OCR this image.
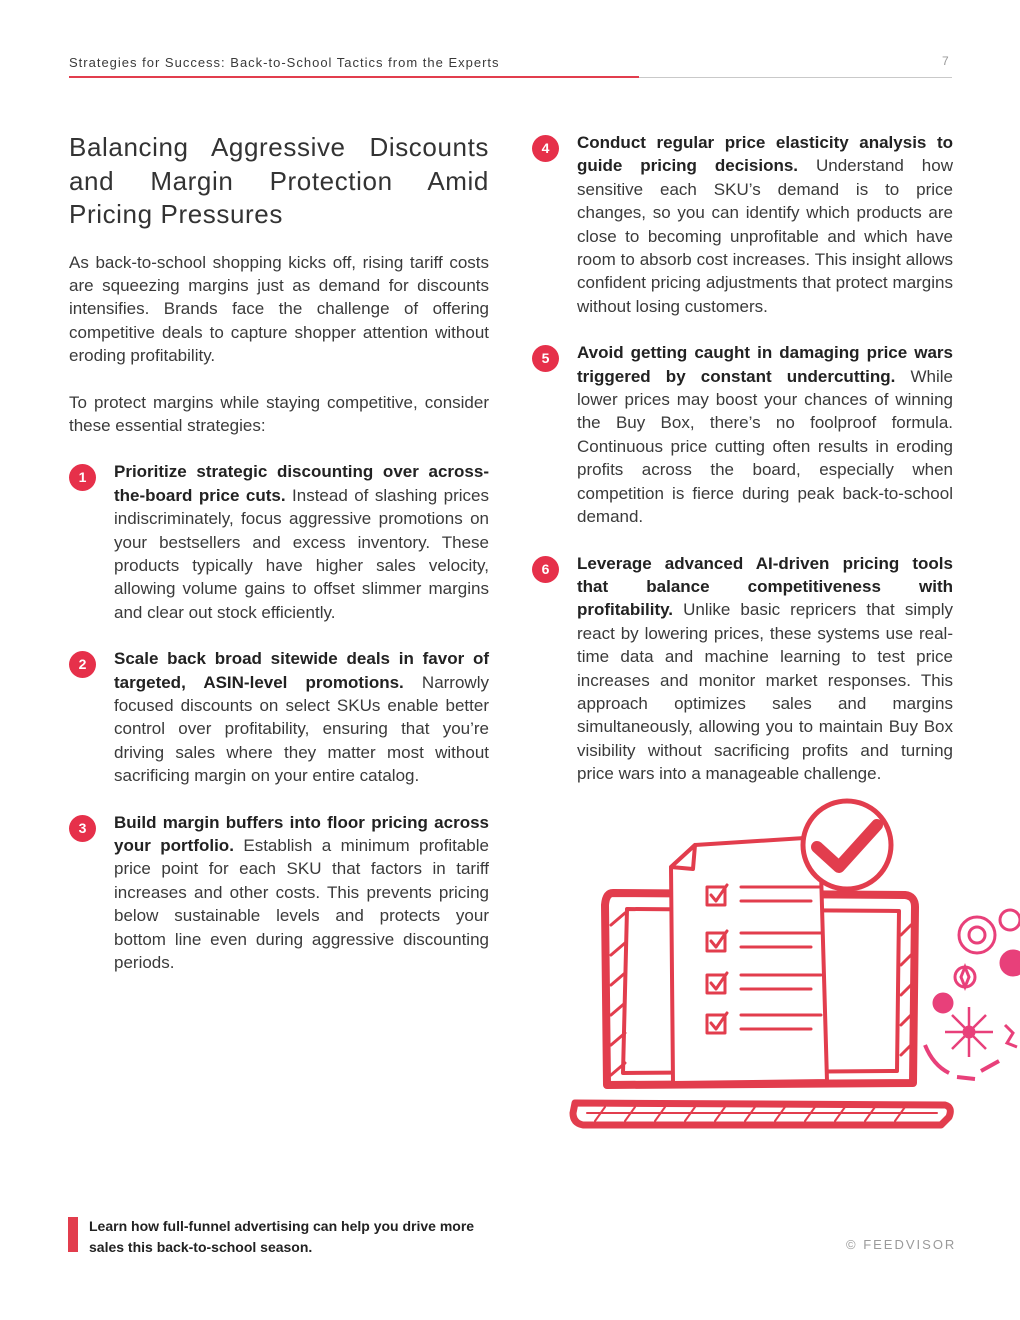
Strategies for Success: Back-to-School Tactics from the Experts	7
Balancing Aggressive Discounts and Margin Protection Amid Pricing Pressures

As back-to-school shopping kicks off, rising tariff costs are squeezing margins just as demand for discounts intensifies. Brands face the challenge of offering competitive deals to capture shopper attention without eroding profitability.

To protect margins while staying competitive, consider these essential strategies:

1	Prioritize strategic discounting over across-the-board price cuts. Instead of slashing prices indiscriminately, focus aggressive promotions on your bestsellers and excess inventory. These products typically have higher sales velocity, allowing volume gains to offset slimmer margins and clear out stock efficiently.
2	Scale back broad sitewide deals in favor of targeted, ASIN-level promotions. Narrowly focused discounts on select SKUs enable better control over profitability, ensuring that you’re driving sales where they matter most without sacrificing margin on your entire catalog.
3	Build margin buffers into floor pricing across your portfolio. Establish a minimum profitable price point for each SKU that factors in tariff increases and other costs. This prevents pricing below sustainable levels and protects your bottom line even during aggressive discounting periods.
4	Conduct regular price elasticity analysis to guide pricing decisions. Understand how sensitive each SKU’s demand is to price changes, so you can identify which products are close to becoming unprofitable and which have room to absorb cost increases. This insight allows confident pricing adjustments that protect margins without losing customers.
5	Avoid getting caught in damaging price wars triggered by constant undercutting. While lower prices may boost your chances of winning the Buy Box, there’s no foolproof formula. Continuous price cutting often results in eroding profits across the board, especially when competition is fierce during peak back-to-school demand.
6	Leverage advanced AI-driven pricing tools that balance competitiveness with profitability. Unlike basic repricers that simply react by lowering prices, these systems use real-time data and machine learning to test price increases and monitor market responses. This approach optimizes sales and margins simultaneously, allowing you to maintain Buy Box visibility without sacrificing profits and turning price wars into a manageable challenge.
Learn how full-funnel advertising can help you drive more sales this back-to-school season.	© FEEDVISOR
